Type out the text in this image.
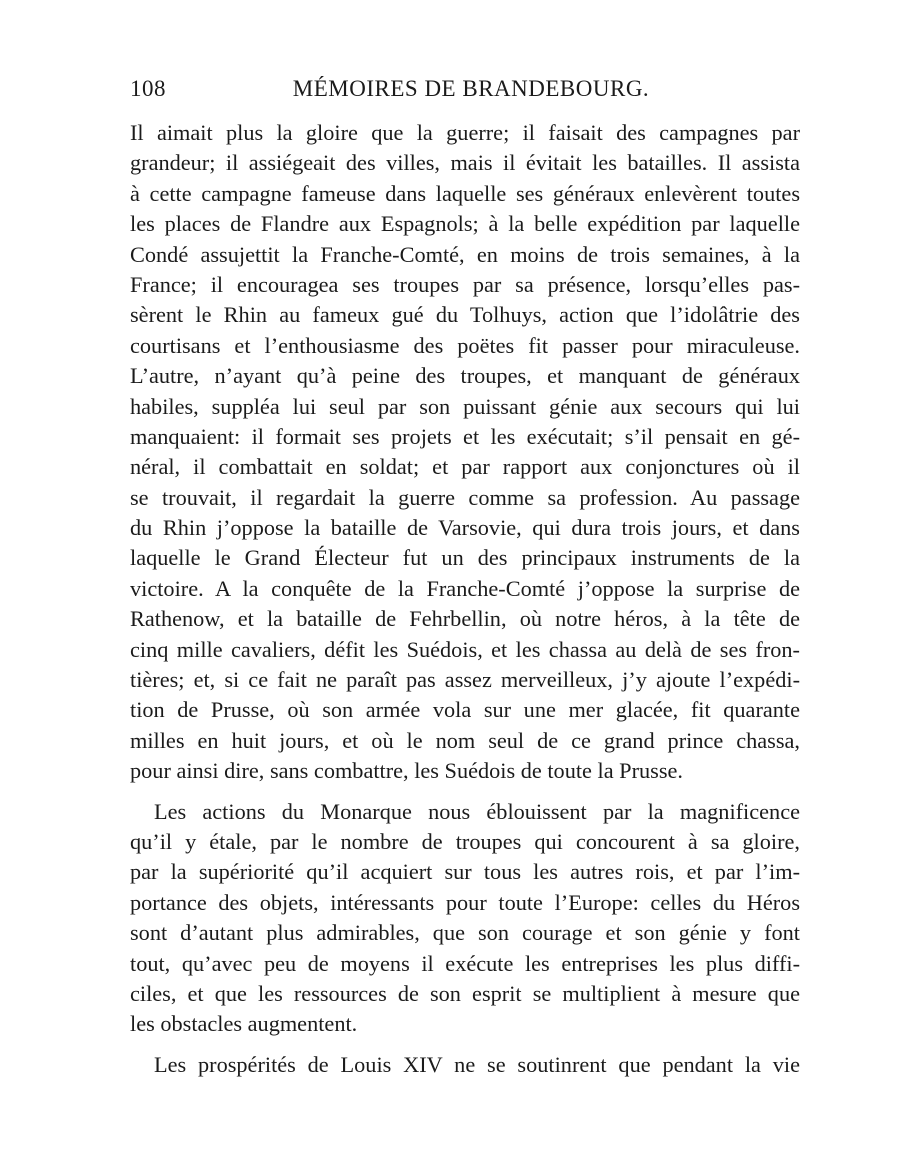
108	MÉMOIRES DE BRANDEBOURG.
Il aimait plus la gloire que la guerre; il faisait des campagnes par
grandeur; il assiégeait des villes, mais il évitait les batailles. Il assista
à cette campagne fameuse dans laquelle ses généraux enlevèrent toutes
les places de Flandre aux Espagnols; à la belle expédition par laquelle
Condé assujettit la Franche-Comté, en moins de trois semaines, à la
France; il encouragea ses troupes par sa présence, lorsqu’elles pas-
sèrent le Rhin au fameux gué du Tolhuys, action que l’idolâtrie des
courtisans et l’enthousiasme des poëtes fit passer pour miraculeuse.
L’autre, n’ayant qu’à peine des troupes, et manquant de généraux
habiles, suppléa lui seul par son puissant génie aux secours qui lui
manquaient: il formait ses projets et les exécutait; s’il pensait en gé-
néral, il combattait en soldat; et par rapport aux conjonctures où il
se trouvait, il regardait la guerre comme sa profession. Au passage
du Rhin j’oppose la bataille de Varsovie, qui dura trois jours, et dans
laquelle le Grand Électeur fut un des principaux instruments de la
victoire. A la conquête de la Franche-Comté j’oppose la surprise de
Rathenow, et la bataille de Fehrbellin, où notre héros, à la tête de
cinq mille cavaliers, défit les Suédois, et les chassa au delà de ses fron-
tières; et, si ce fait ne paraît pas assez merveilleux, j’y ajoute l’expédi-
tion de Prusse, où son armée vola sur une mer glacée, fit quarante
milles en huit jours, et où le nom seul de ce grand prince chassa,
pour ainsi dire, sans combattre, les Suédois de toute la Prusse.
Les actions du Monarque nous éblouissent par la magnificence
qu’il y étale, par le nombre de troupes qui concourent à sa gloire,
par la supériorité qu’il acquiert sur tous les autres rois, et par l’im-
portance des objets, intéressants pour toute l’Europe: celles du Héros
sont d’autant plus admirables, que son courage et son génie y font
tout, qu’avec peu de moyens il exécute les entreprises les plus diffi-
ciles, et que les ressources de son esprit se multiplient à mesure que
les obstacles augmentent.
Les prospérités de Louis XIV ne se soutinrent que pendant la vie
